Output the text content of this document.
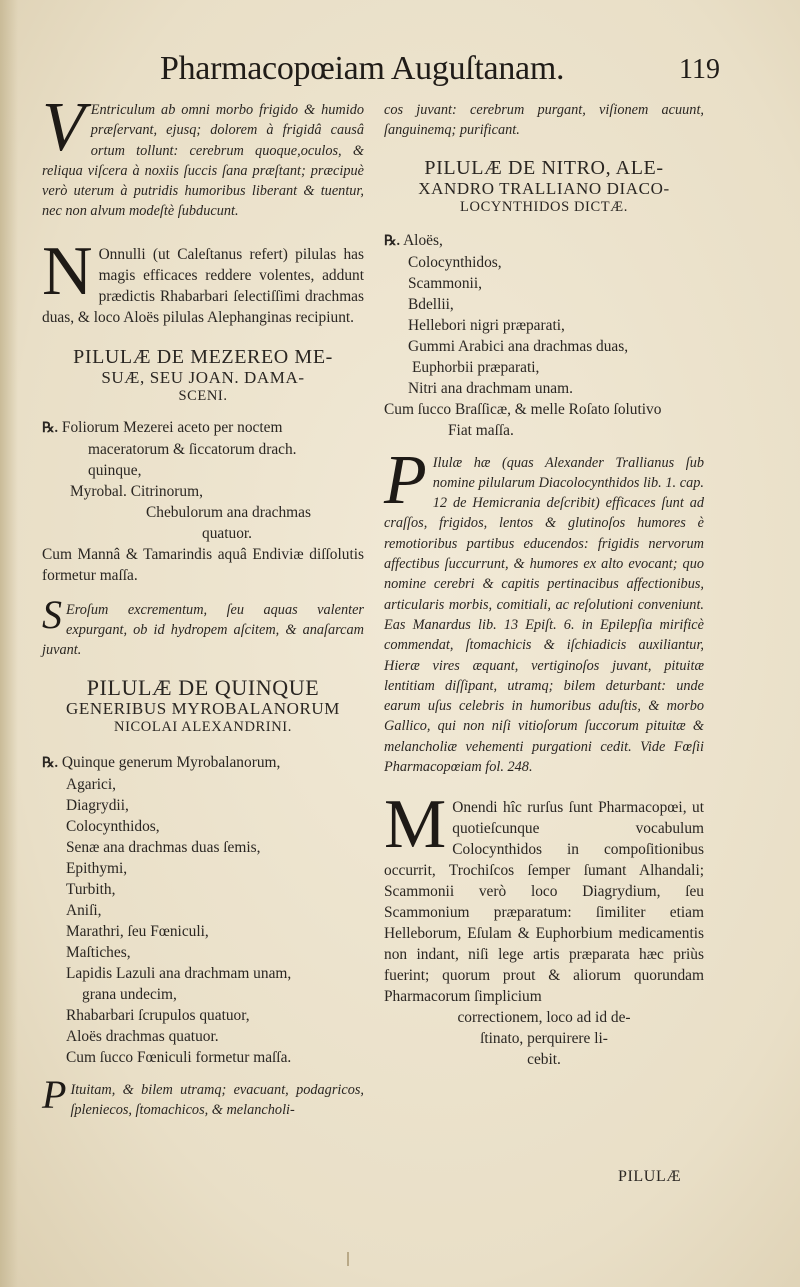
Pharmacopœiam Auguſtanam.	119
V Entriculum ab omni morbo frigido & humido præſervant, ejusq; dolorem à frigidâ causâ ortum tollunt: cerebrum quoque,oculos, & reliqua viſcera à noxiis ſuccis ſana præſtant; præcipuè verò uterum à putridis humoribus liberant & tuentur, nec non alvum modeſtè ſubducunt.
N Onnulli (ut Caleſtanus refert) pilulas has magis efficaces reddere volentes, addunt prædictis Rhabarbari ſelectiſſimi drachmas duas, & loco Aloës pilulas Alephanginas recipiunt.
PILULÆ DE MEZEREO ME-
SUÆ, SEU JOAN. DAMA-
SCENI.
℞. Foliorum Mezerei aceto per noctem
maceratorum & ſiccatorum drach.
quinque,
Myrobal. Citrinorum,
Chebulorum ana drachmas
quatuor.
Cum Mannâ & Tamarindis aquâ Endiviæ diſſolutis formetur maſſa.
S Eroſum excrementum, ſeu aquas valenter expurgant, ob id hydropem aſcitem, & anaſarcam juvant.
PILULÆ DE QUINQUE
GENERIBUS MYROBALANORUM
NICOLAI ALEXANDRINI.
℞. Quinque generum Myrobalanorum,
Agarici,
Diagrydii,
Colocynthidos,
Senæ ana drachmas duas ſemis,
Epithymi,
Turbith,
Aniſi,
Marathri, ſeu Fœniculi,
Maſtiches,
Lapidis Lazuli ana drachmam unam,
grana undecim,
Rhabarbari ſcrupulos quatuor,
Aloës drachmas quatuor.
Cum ſucco Fœniculi formetur maſſa.
P Ituitam, & bilem utramq; evacuant, podagricos, ſpleniecos, ſtomachicos, & melancholi-
cos juvant: cerebrum purgant, viſionem acuunt, ſanguinemq; purificant.
PILULÆ DE NITRO, ALE-
XANDRO TRALLIANO DIACO-
LOCYNTHIDOS DICTÆ.
℞. Aloës,
Colocynthidos,
Scammonii,
Bdellii,
Hellebori nigri præparati,
Gummi Arabici ana drachmas duas,
Euphorbii præparati,
Nitri ana drachmam unam.
Cum ſucco Braſſicæ, & melle Roſato ſolutivo
Fiat maſſa.
P Ilulæ hæ (quas Alexander Trallianus ſub nomine pilularum Diacolocynthidos lib. 1. cap. 12 de Hemicrania deſcribit) efficaces ſunt ad craſſos, frigidos, lentos & glutinoſos humores è remotioribus partibus educendos: frigidis nervorum affectibus ſuccurrunt, & humores ex alto evocant; quo nomine cerebri & capitis pertinacibus affectionibus, articularis morbis, comitiali, ac reſolutioni conveniunt. Eas Manardus lib. 13 Epiſt. 6. in Epilepſia mirificè commendat, ſtomachicis & iſchiadicis auxiliantur, Hieræ vires æquant, vertiginoſos juvant, pituitæ lentitiam diſſipant, utramq; bilem deturbant: unde earum uſus celebris in humoribus aduſtis, & morbo Gallico, qui non niſi vitioſorum ſuccorum pituitæ & melancholiæ vehementi purgationi cedit. Vide Fœſii Pharmacopœiam fol. 248.
M Onendi hîc rurſus ſunt Pharmacopœi, ut quotieſcunque vocabulum Colocynthidos in compoſitionibus occurrit, Trochiſcos ſemper ſumant Alhandali; Scammonii verò loco Diagrydium, ſeu Scammonium præparatum: ſimiliter etiam Helleborum, Eſulam & Euphorbium medicamentis non indant, niſi lege artis præparata hæc priùs fuerint; quorum prout & aliorum quorundam Pharmacorum ſimplicium
correctionem, loco ad id de-
ſtinato, perquirere li-
cebit.
PILULÆ
